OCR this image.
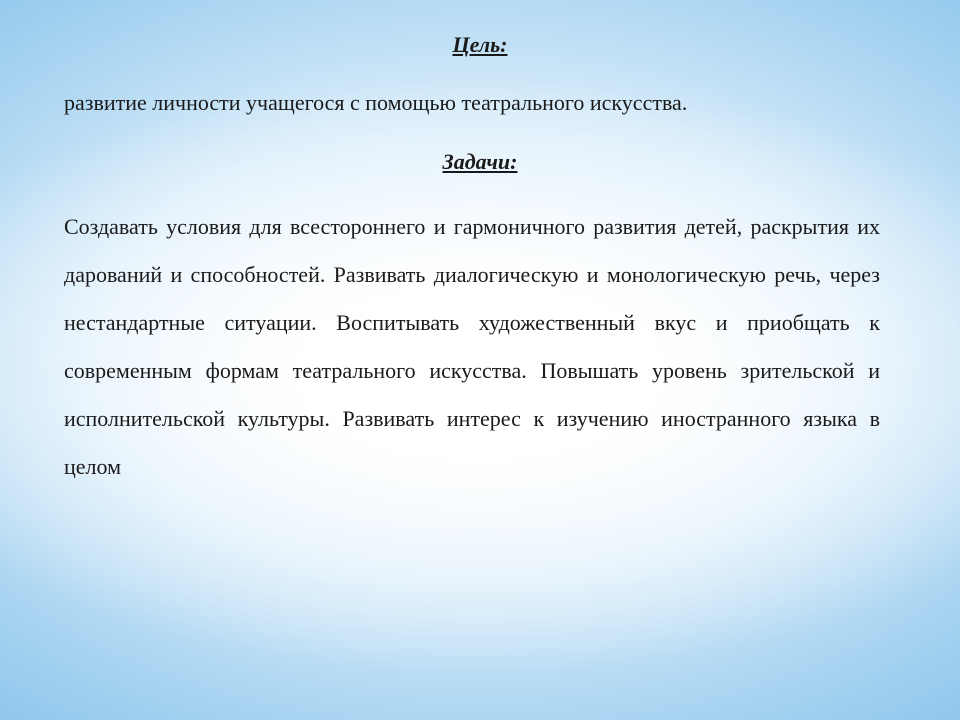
Цель:

развитие личности учащегося с помощью театрального искусства.

Задачи:

Создавать условия для всестороннего и гармоничного развития детей, раскрытия их дарований и способностей. Развивать диалогическую и монологическую речь, через нестандартные ситуации. Воспитывать художественный вкус и приобщать к современным формам театрального искусства. Повышать уровень зрительской и исполнительской культуры. Развивать интерес к изучению иностранного языка в целом
